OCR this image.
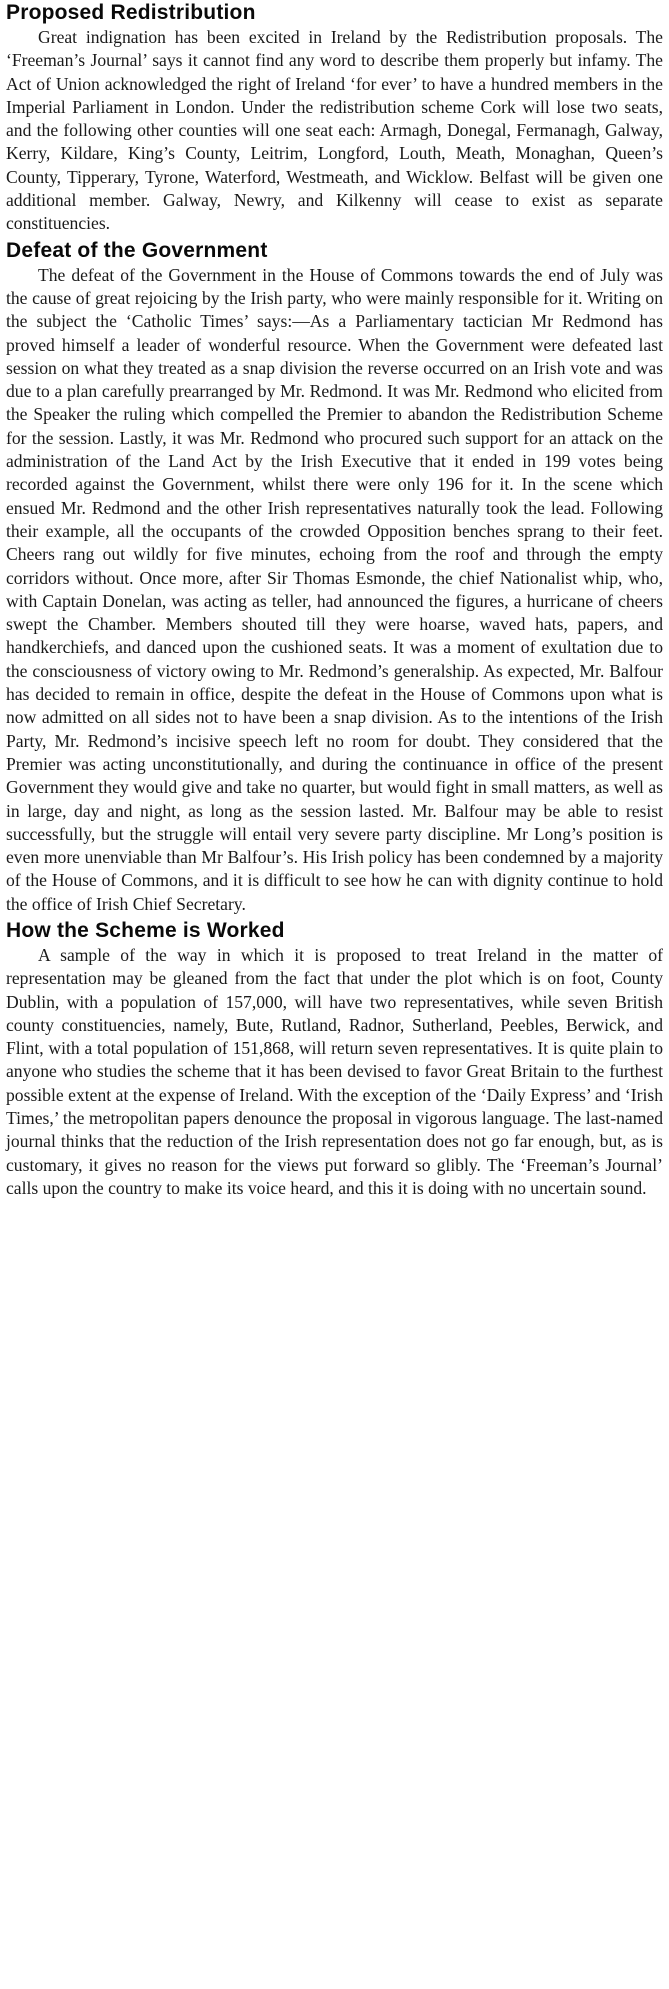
Proposed Redistribution

Great indignation has been excited in Ireland by the Redistribution proposals. The ‘Freeman’s Journal’ says it cannot find any word to describe them properly but infamy. The Act of Union acknowledged the right of Ireland ‘for ever’ to have a hundred members in the Imperial Parliament in London. Under the redistribution scheme Cork will lose two seats, and the following other counties will one seat each: Armagh, Donegal, Fermanagh, Galway, Kerry, Kildare, King’s County, Leitrim, Longford, Louth, Meath, Monaghan, Queen’s County, Tipperary, Tyrone, Waterford, Westmeath, and Wicklow. Belfast will be given one additional member. Galway, Newry, and Kilkenny will cease to exist as separate constituencies.

Defeat of the Government

The defeat of the Government in the House of Commons towards the end of July was the cause of great rejoicing by the Irish party, who were mainly responsible for it. Writing on the subject the ‘Catholic Times’ says:—As a Parliamentary tactician Mr Redmond has proved himself a leader of wonderful resource. When the Government were defeated last session on what they treated as a snap division the reverse occurred on an Irish vote and was due to a plan carefully prearranged by Mr. Redmond. It was Mr. Redmond who elicited from the Speaker the ruling which compelled the Premier to abandon the Redistribution Scheme for the session. Lastly, it was Mr. Redmond who procured such support for an attack on the administration of the Land Act by the Irish Executive that it ended in 199 votes being recorded against the Government, whilst there were only 196 for it. In the scene which ensued Mr. Redmond and the other Irish representatives naturally took the lead. Following their example, all the occupants of the crowded Opposition benches sprang to their feet. Cheers rang out wildly for five minutes, echoing from the roof and through the empty corridors without. Once more, after Sir Thomas Esmonde, the chief Nationalist whip, who, with Captain Donelan, was acting as teller, had announced the figures, a hurricane of cheers swept the Chamber. Members shouted till they were hoarse, waved hats, papers, and handkerchiefs, and danced upon the cushioned seats. It was a moment of exultation due to the consciousness of victory owing to Mr. Redmond’s generalship. As expected, Mr. Balfour has decided to remain in office, despite the defeat in the House of Commons upon what is now admitted on all sides not to have been a snap division. As to the intentions of the Irish Party, Mr. Redmond’s incisive speech left no room for doubt. They considered that the Premier was acting unconstitutionally, and during the continuance in office of the present Government they would give and take no quarter, but would fight in small matters, as well as in large, day and night, as long as the session lasted. Mr. Balfour may be able to resist successfully, but the struggle will entail very severe party discipline. Mr Long’s position is even more unenviable than Mr Balfour’s. His Irish policy has been condemned by a majority of the House of Commons, and it is difficult to see how he can with dignity continue to hold the office of Irish Chief Secretary.

How the Scheme is Worked

A sample of the way in which it is proposed to treat Ireland in the matter of representation may be gleaned from the fact that under the plot which is on foot, County Dublin, with a population of 157,000, will have two representatives, while seven British county constituencies, namely, Bute, Rutland, Radnor, Sutherland, Peebles, Berwick, and Flint, with a total population of 151,868, will return seven representatives. It is quite plain to anyone who studies the scheme that it has been devised to favor Great Britain to the furthest possible extent at the expense of Ireland. With the exception of the ‘Daily Express’ and ‘Irish Times,’ the metropolitan papers denounce the proposal in vigorous language. The last-named journal thinks that the reduction of the Irish representation does not go far enough, but, as is customary, it gives no reason for the views put forward so glibly. The ‘Freeman’s Journal’ calls upon the country to make its voice heard, and this it is doing with no uncertain sound.
